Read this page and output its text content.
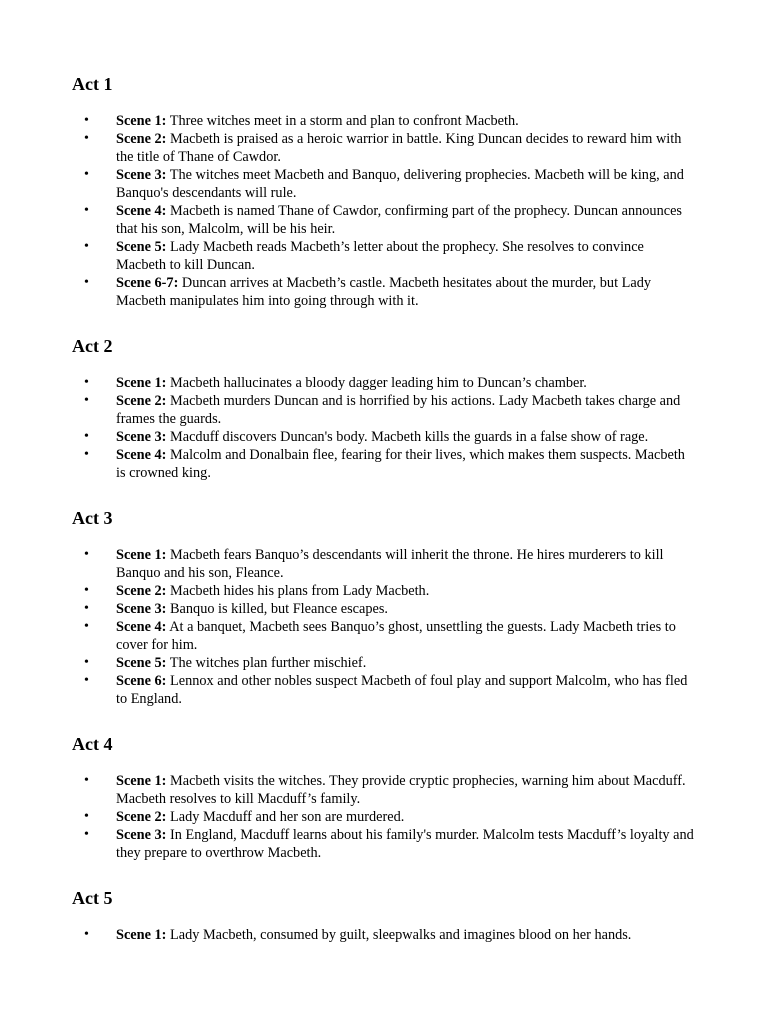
Act 1
• Scene 1: Three witches meet in a storm and plan to confront Macbeth.
• Scene 2: Macbeth is praised as a heroic warrior in battle. King Duncan decides to reward him with the title of Thane of Cawdor.
• Scene 3: The witches meet Macbeth and Banquo, delivering prophecies. Macbeth will be king, and Banquo's descendants will rule.
• Scene 4: Macbeth is named Thane of Cawdor, confirming part of the prophecy. Duncan announces that his son, Malcolm, will be his heir.
• Scene 5: Lady Macbeth reads Macbeth’s letter about the prophecy. She resolves to convince Macbeth to kill Duncan.
• Scene 6-7: Duncan arrives at Macbeth’s castle. Macbeth hesitates about the murder, but Lady Macbeth manipulates him into going through with it.
Act 2
• Scene 1: Macbeth hallucinates a bloody dagger leading him to Duncan’s chamber.
• Scene 2: Macbeth murders Duncan and is horrified by his actions. Lady Macbeth takes charge and frames the guards.
• Scene 3: Macduff discovers Duncan's body. Macbeth kills the guards in a false show of rage.
• Scene 4: Malcolm and Donalbain flee, fearing for their lives, which makes them suspects. Macbeth is crowned king.
Act 3
• Scene 1: Macbeth fears Banquo’s descendants will inherit the throne. He hires murderers to kill Banquo and his son, Fleance.
• Scene 2: Macbeth hides his plans from Lady Macbeth.
• Scene 3: Banquo is killed, but Fleance escapes.
• Scene 4: At a banquet, Macbeth sees Banquo’s ghost, unsettling the guests. Lady Macbeth tries to cover for him.
• Scene 5: The witches plan further mischief.
• Scene 6: Lennox and other nobles suspect Macbeth of foul play and support Malcolm, who has fled to England.
Act 4
• Scene 1: Macbeth visits the witches. They provide cryptic prophecies, warning him about Macduff. Macbeth resolves to kill Macduff’s family.
• Scene 2: Lady Macduff and her son are murdered.
• Scene 3: In England, Macduff learns about his family's murder. Malcolm tests Macduff’s loyalty and they prepare to overthrow Macbeth.
Act 5
• Scene 1: Lady Macbeth, consumed by guilt, sleepwalks and imagines blood on her hands.
